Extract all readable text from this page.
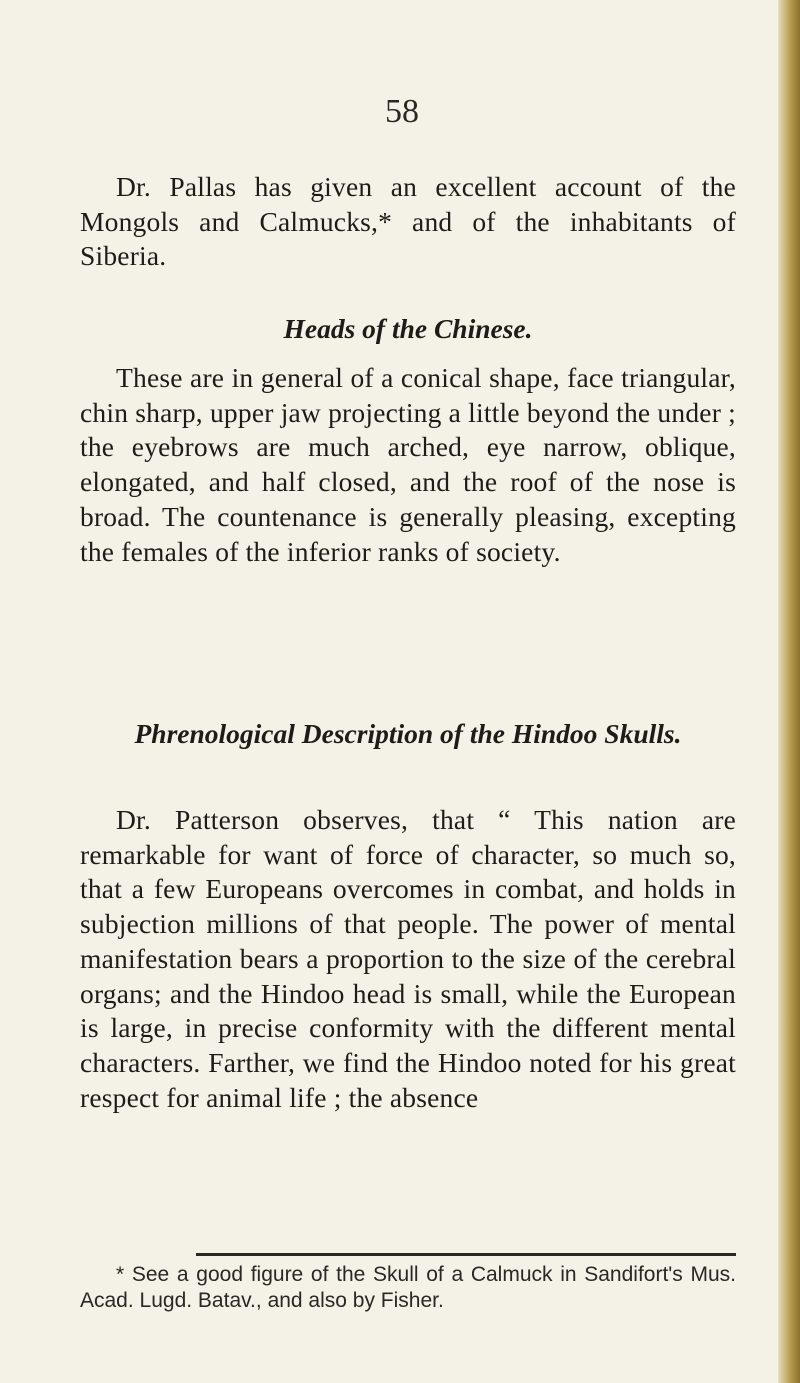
58
Dr. Pallas has given an excellent account of the Mongols and Calmucks,* and of the inhabitants of Siberia.
Heads of the Chinese.
These are in general of a conical shape, face triangular, chin sharp, upper jaw projecting a little beyond the under ; the eyebrows are much arched, eye narrow, oblique, elongated, and half closed, and the roof of the nose is broad. The countenance is generally pleasing, excepting the females of the inferior ranks of society.
Phrenological Description of the Hindoo Skulls.
Dr. Patterson observes, that “ This nation are remarkable for want of force of character, so much so, that a few Europeans overcomes in combat, and holds in subjection millions of that people. The power of mental manifestation bears a proportion to the size of the cerebral organs; and the Hindoo head is small, while the European is large, in precise conformity with the different mental characters. Farther, we find the Hindoo noted for his great respect for animal life ; the absence
* See a good figure of the Skull of a Calmuck in Sandifort's Mus. Acad. Lugd. Batav., and also by Fisher.
